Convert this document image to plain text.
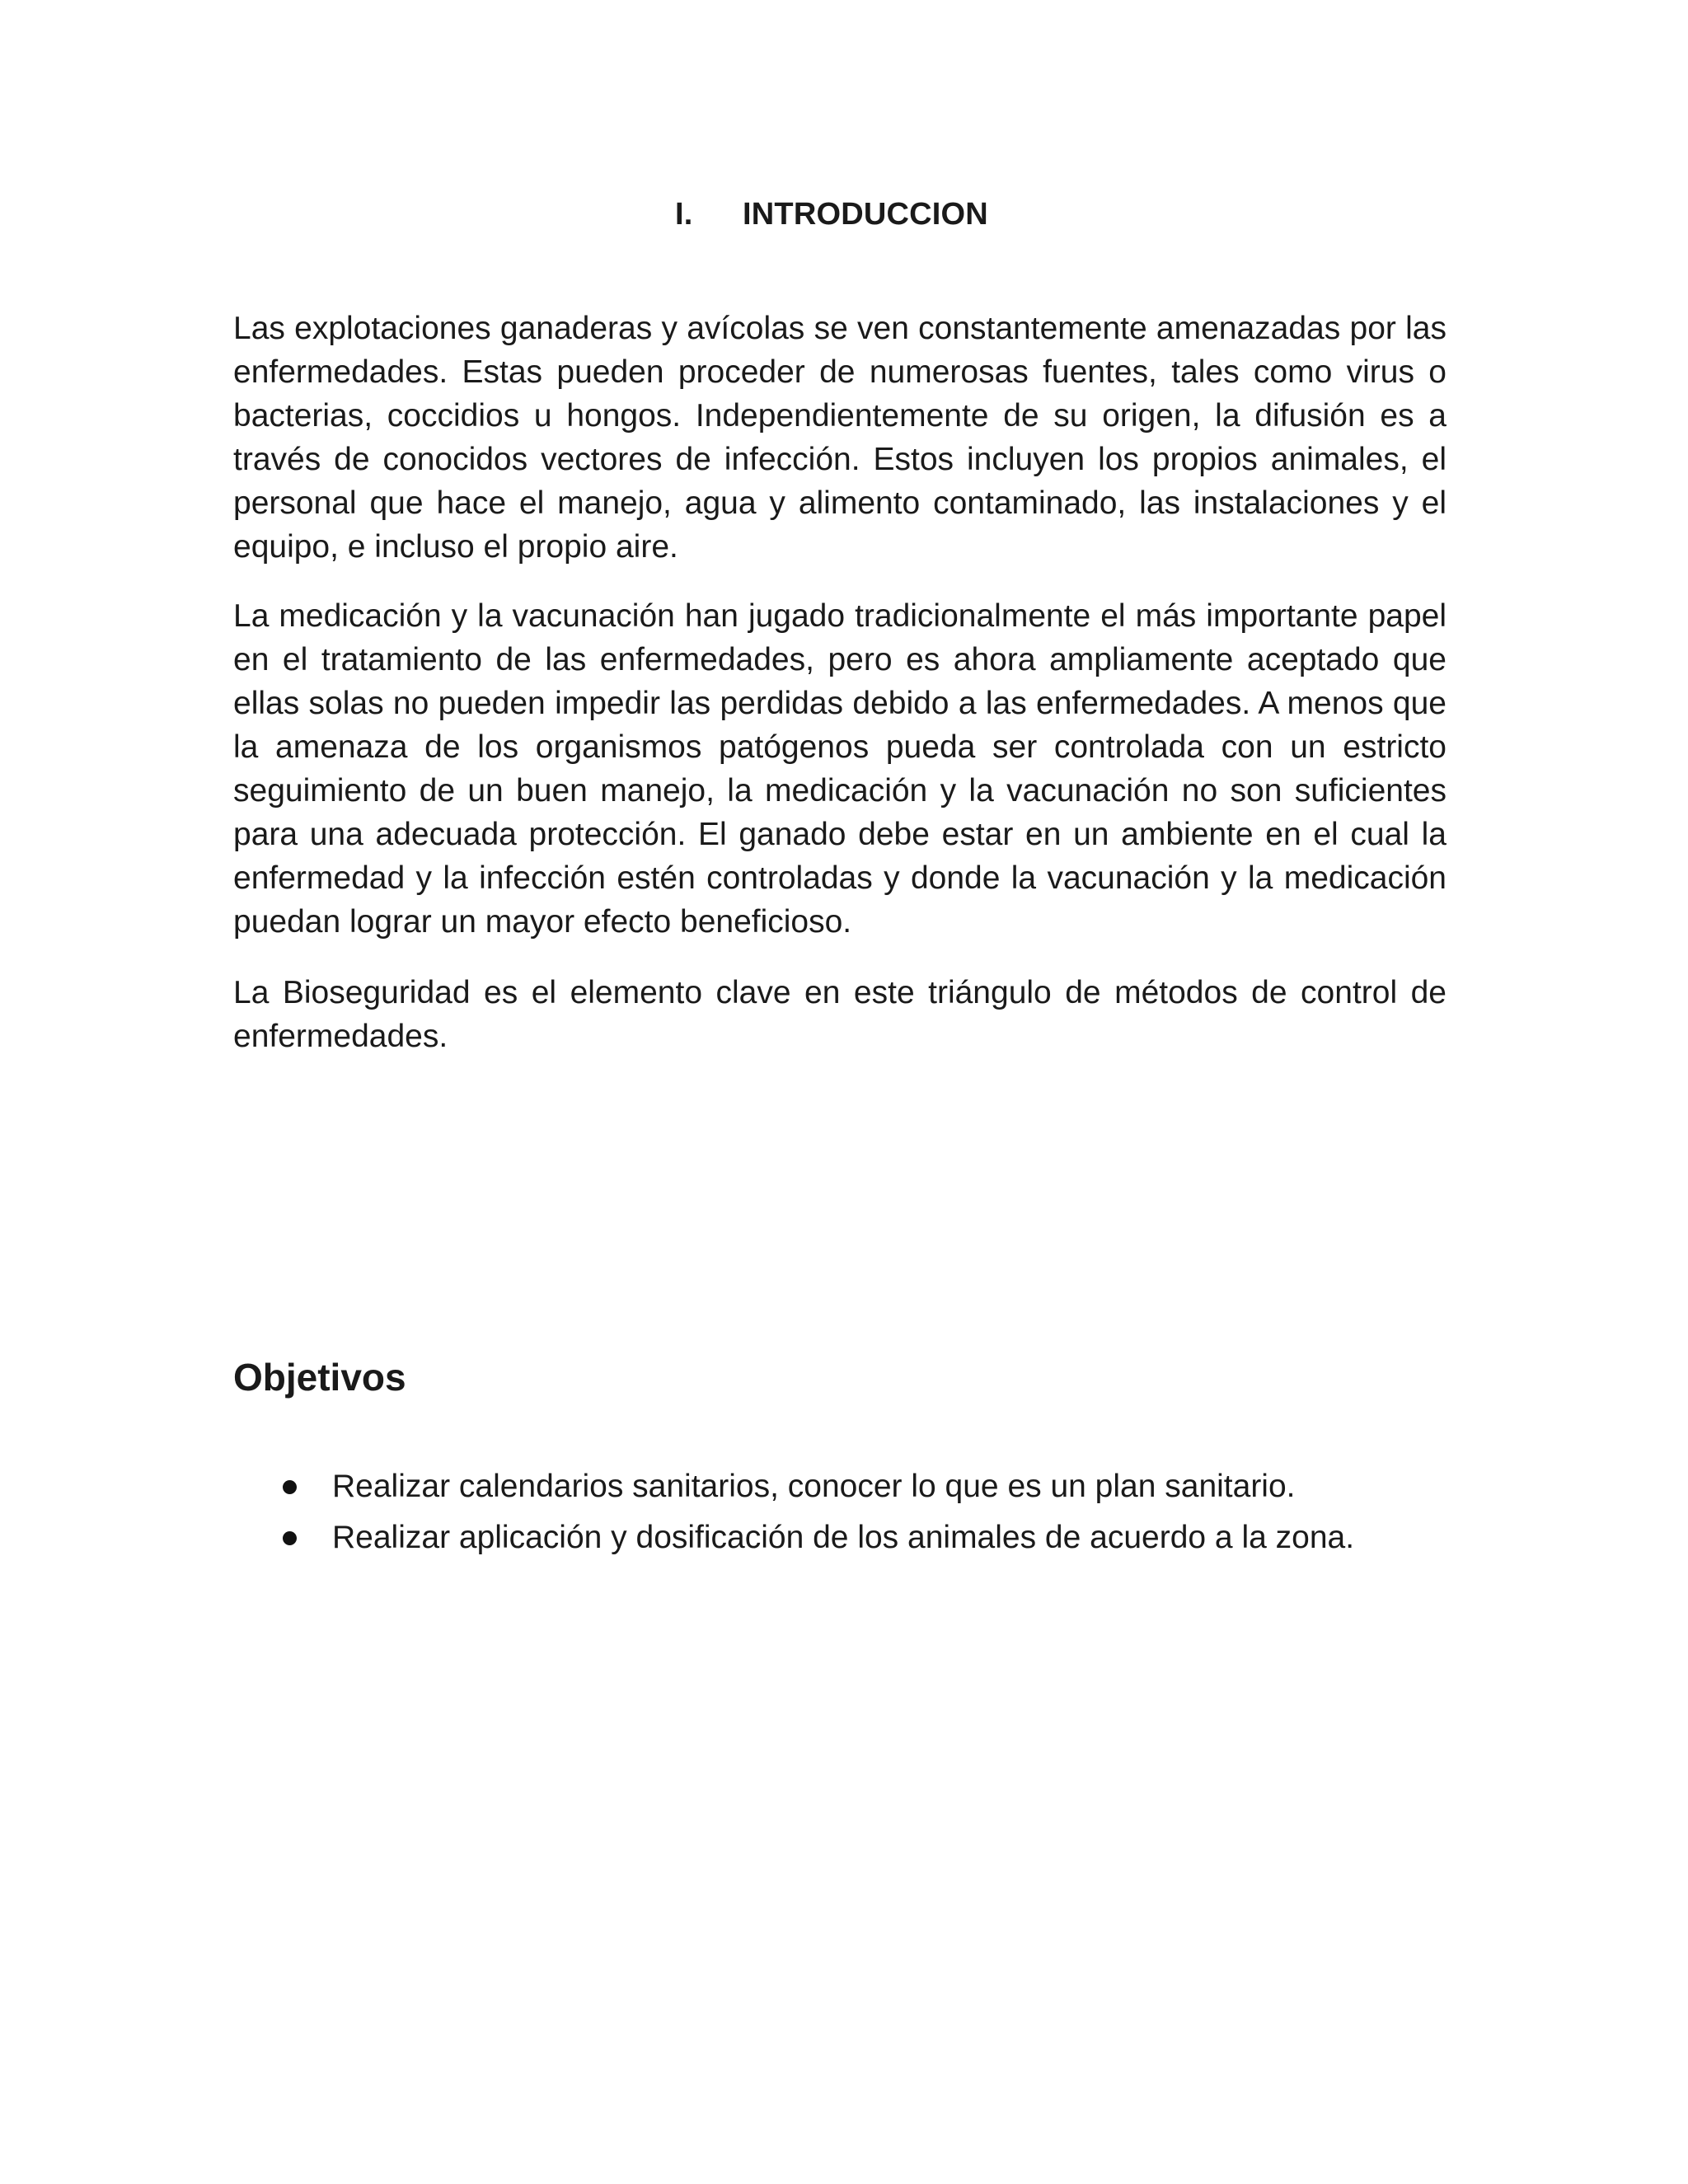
I. INTRODUCCION

Las explotaciones ganaderas y avícolas se ven constantemente amenazadas por las enfermedades. Estas pueden proceder de numerosas fuentes, tales como virus o bacterias, coccidios u hongos. Independientemente de su origen, la difusión es a través de conocidos vectores de infección. Estos incluyen los propios animales, el personal que hace el manejo, agua y alimento contaminado, las instalaciones y el equipo, e incluso el propio aire.

La medicación y la vacunación han jugado tradicionalmente el más importante papel en el tratamiento de las enfermedades, pero es ahora ampliamente aceptado que ellas solas no pueden impedir las perdidas debido a las enfermedades. A menos que la amenaza de los organismos patógenos pueda ser controlada con un estricto seguimiento de un buen manejo, la medicación y la vacunación no son suficientes para una adecuada protección. El ganado debe estar en un ambiente en el cual la enfermedad y la infección estén controladas y donde la vacunación y la medicación puedan lograr un mayor efecto beneficioso.

La Bioseguridad es el elemento clave en este triángulo de métodos de control de enfermedades.

Objetivos
Realizar calendarios sanitarios, conocer lo que es un plan sanitario.
Realizar aplicación y dosificación de los animales de acuerdo a la zona.
